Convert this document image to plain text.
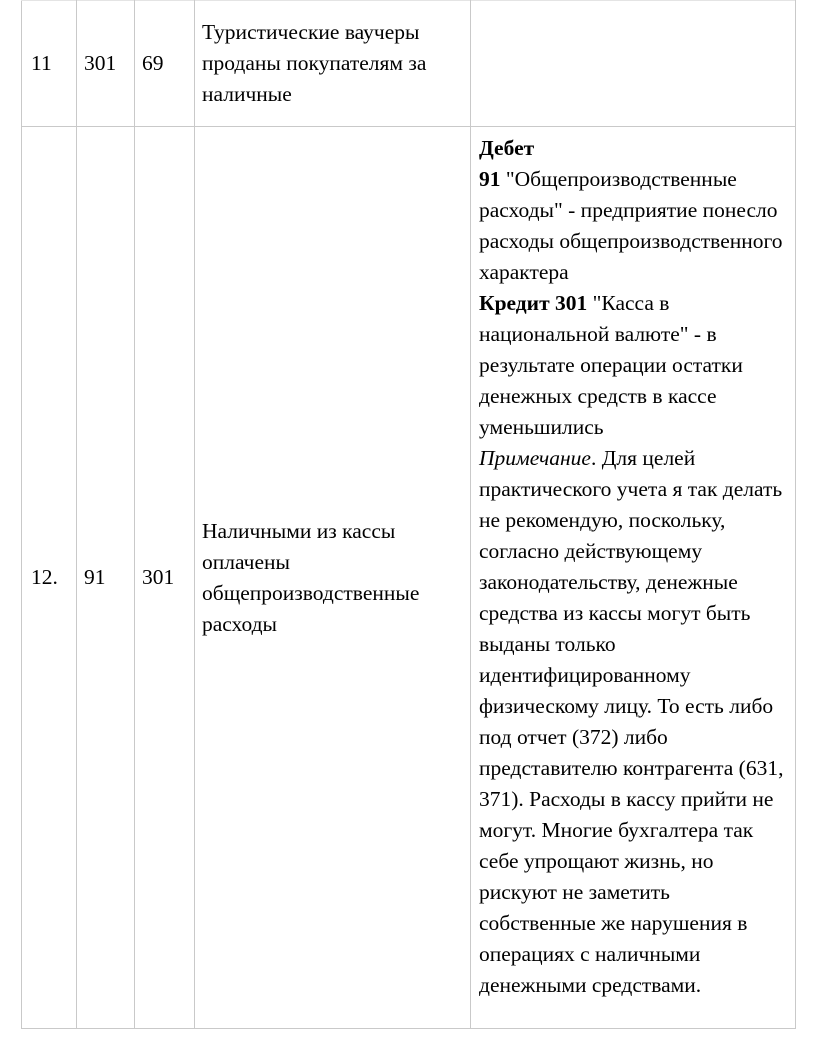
11	301	69	Туристические ваучеры проданы покупателям за наличные	
12.	91	301	Наличными из кассы оплачены общепроизводственные расходы	Дебет
91 "Общепроизводственные расходы" - предприятие понесло расходы общепроизводственного характера
Кредит 301 "Касса в национальной валюте" - в результате операции остатки денежных средств в кассе уменьшились
Примечание. Для целей практического учета я так делать не рекомендую, поскольку, согласно действующему законодательству, денежные средства из кассы могут быть выданы только идентифицированному физическому лицу. То есть либо под отчет (372) либо представителю контрагента (631, 371). Расходы в кассу прийти не могут. Многие бухгалтера так себе упрощают жизнь, но рискуют не заметить собственные же нарушения в операциях с наличными денежными средствами.
